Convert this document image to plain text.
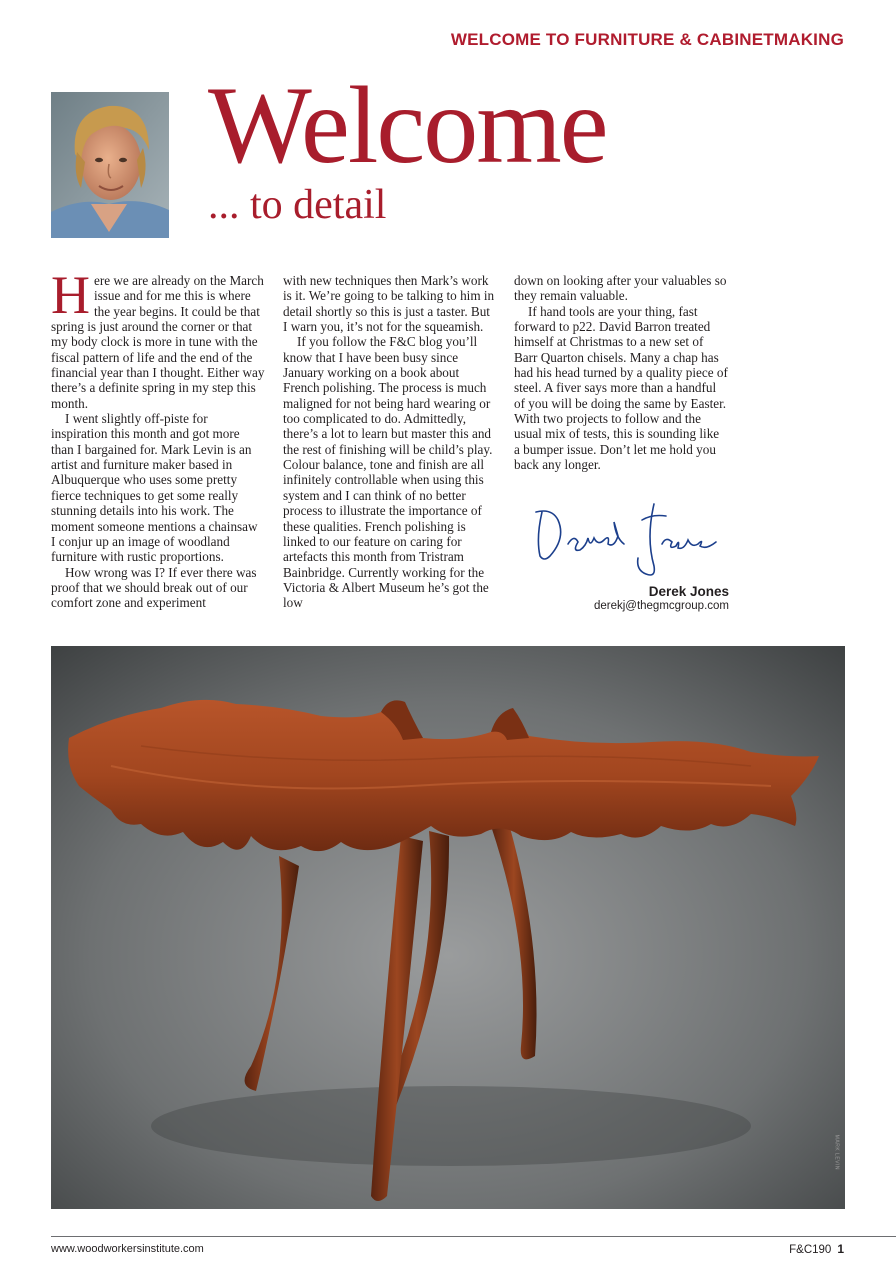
WELCOME TO FURNITURE & CABINETMAKING
Welcome
... to detail

Here we are already on the March issue and for me this is where the year begins. It could be that spring is just around the corner or that my body clock is more in tune with the fiscal pattern of life and the end of the financial year than I thought. Either way there’s a definite spring in my step this month.

I went slightly off-piste for inspiration this month and got more than I bargained for. Mark Levin is an artist and furniture maker based in Albuquerque who uses some pretty fierce techniques to get some really stunning details into his work. The moment someone mentions a chainsaw I conjur up an image of woodland furniture with rustic proportions.

How wrong was I? If ever there was proof that we should break out of our comfort zone and experiment

with new techniques then Mark’s work is it. We’re going to be talking to him in detail shortly so this is just a taster. But I warn you, it’s not for the squeamish.

If you follow the F&C blog you’ll know that I have been busy since January working on a book about French polishing. The process is much maligned for not being hard wearing or too complicated to do. Admittedly, there’s a lot to learn but master this and the rest of finishing will be child’s play. Colour balance, tone and finish are all infinitely controllable when using this system and I can think of no better process to illustrate the importance of these qualities. French polishing is linked to our feature on caring for artefacts this month from Tristram Bainbridge. Currently working for the Victoria & Albert Museum he’s got the low

down on looking after your valuables so they remain valuable.

If hand tools are your thing, fast forward to p22. David Barron treated himself at Christmas to a new set of Barr Quarton chisels. Many a chap has had his head turned by a quality piece of steel. A fiver says more than a handful of you will be doing the same by Easter. With two projects to follow and the usual mix of tests, this is sounding like a bumper issue. Don’t let me hold you back any longer.

Derek Jones
derekj@thegmcgroup.com
MARK LEVIN
www.woodworkersinstitute.com	F&C190 1
